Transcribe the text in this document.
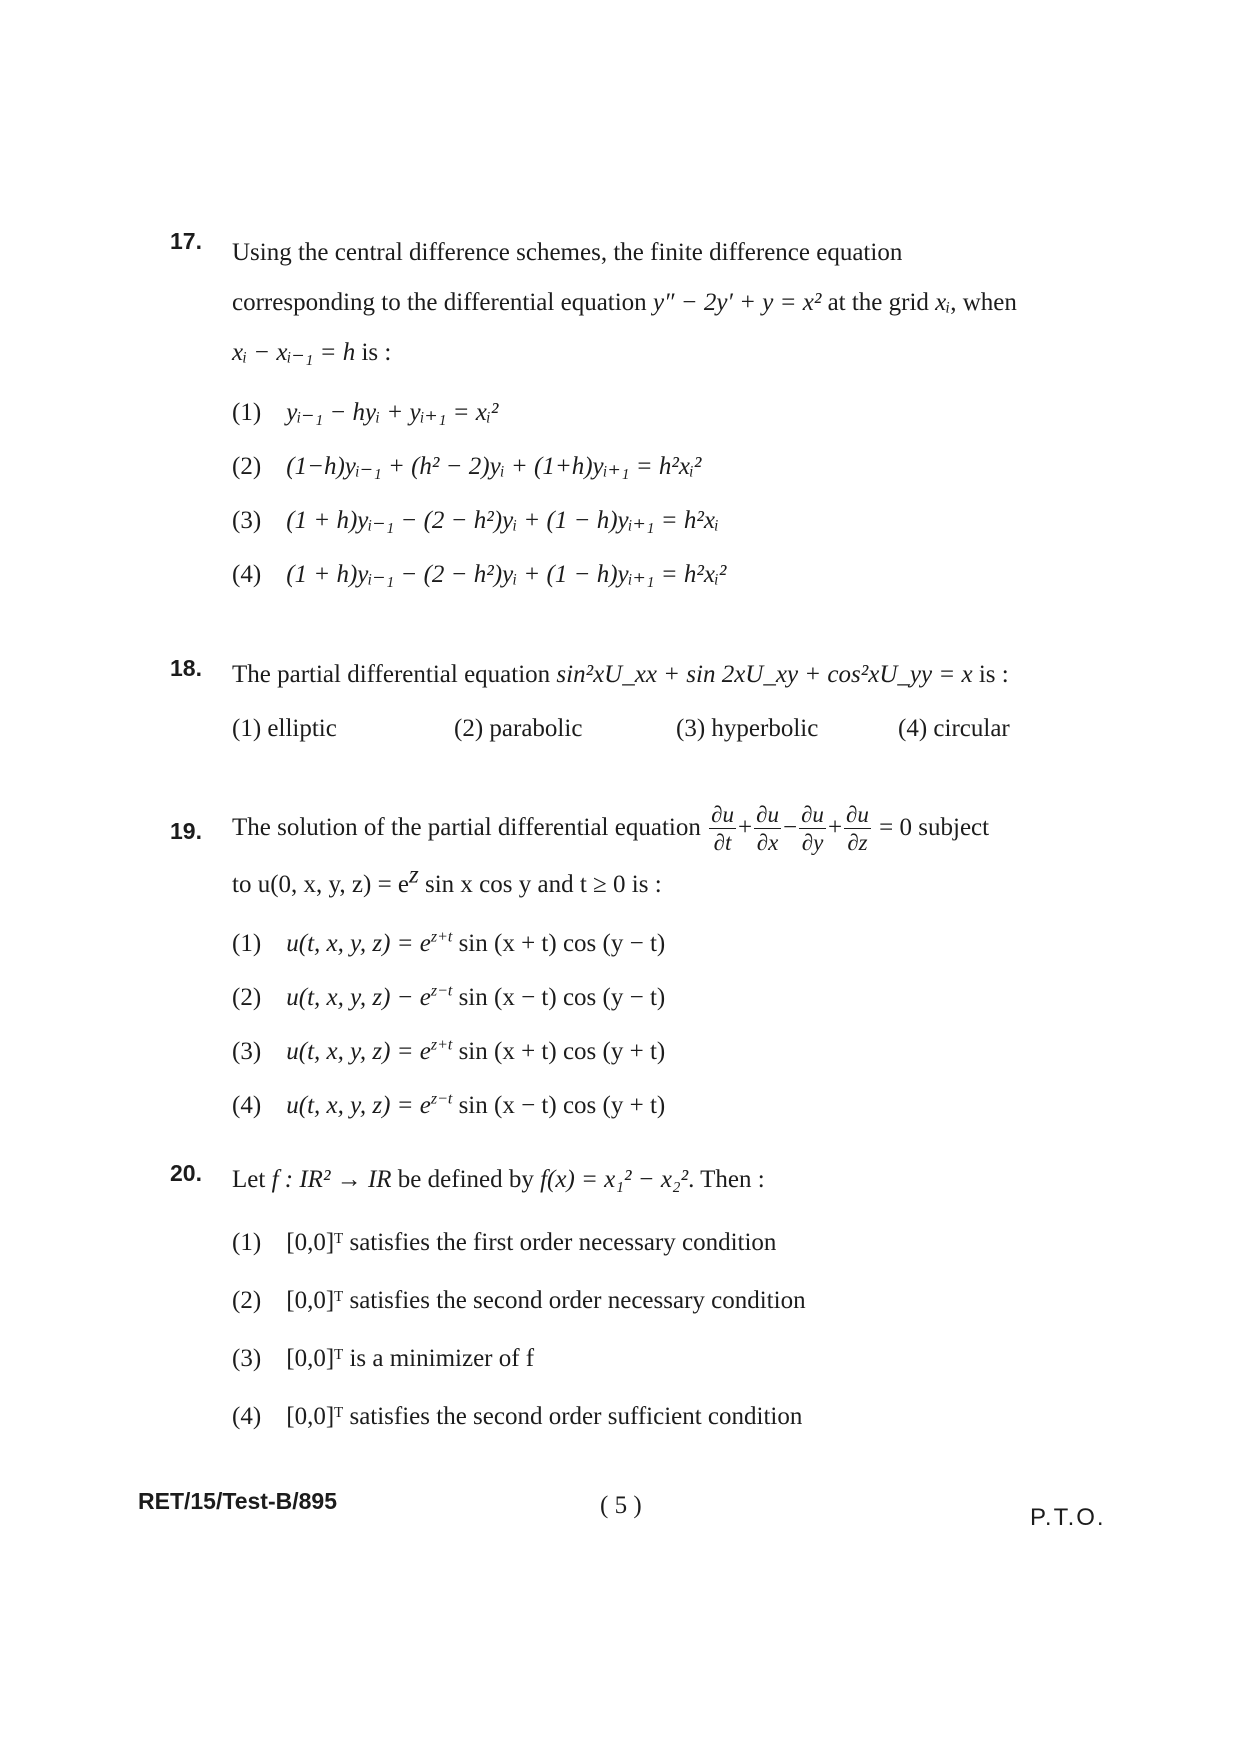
17. Using the central difference schemes, the finite difference equation
corresponding to the differential equation y″ − 2y′ + y = x² at the grid xᵢ, when
xᵢ − xᵢ₋₁ = h is :
(1) yᵢ₋₁ − hyᵢ + yᵢ₊₁ = xᵢ²
(2) (1−h)yᵢ₋₁ + (h² − 2)yᵢ + (1+h)yᵢ₊₁ = h²xᵢ²
(3) (1 + h)yᵢ₋₁ − (2 − h²)yᵢ + (1 − h)yᵢ₊₁ = h²xᵢ
(4) (1 + h)yᵢ₋₁ − (2 − h²)yᵢ + (1 − h)yᵢ₊₁ = h²xᵢ²
18. The partial differential equation sin²xU_xx + sin 2xU_xy + cos²xU_yy = x is :
(1) elliptic	(2) parabolic	(3) hyperbolic	(4) circular
19. The solution of the partial differential equation $\frac{\partial u}{\partial t} + \frac{\partial u}{\partial x} - \frac{\partial u}{\partial y} + \frac{\partial u}{\partial z} = 0$ subject
to u(0, x, y, $z) = e^z$ sin x cos y and t ≥ 0 is :
(1) u(t, x, y, $z) = e^{z+t}$ sin (x + t) cos (y − t)
(2) u(t, x, y, $z) - e^{z-t}$ sin (x − t) cos (y − t)
(3) u(t, x, y, $z) = e^{z+t}$ sin (x + t) cos (y + t)
(4) u(t, x, y, $z) = e^{z-t}$ sin (x − t) cos (y + t)
20. Let f : IR² → IR be defined by f(x) = x₁² − x₂². Then :
(1) [0,0]ᵀ satisfies the first order necessary condition
(2) [0,0]ᵀ satisfies the second order necessary condition
(3) [0,0]ᵀ is a minimizer of f
(4) [0,0]ᵀ satisfies the second order sufficient condition
RET/15/Test-B/895	( 5 )	P.T.O.
